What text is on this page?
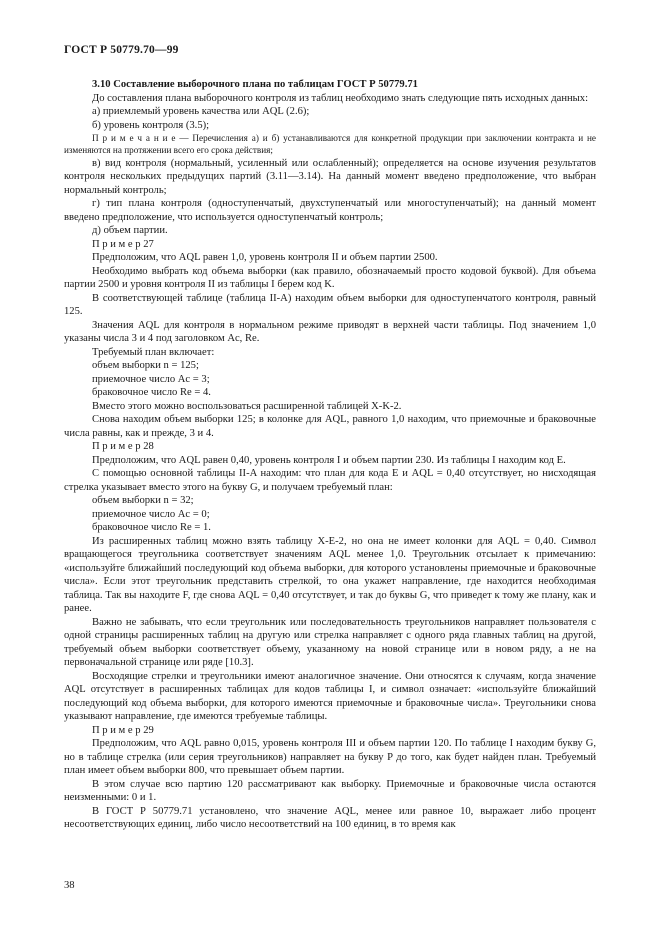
ГОСТ Р 50779.70—99

3.10 Составление выборочного плана по таблицам ГОСТ Р 50779.71

До составления плана выборочного контроля из таблиц необходимо знать следующие пять исходных данных:

а) приемлемый уровень качества или AQL (2.6);

б) уровень контроля (3.5);

П р и м е ч а н и е — Перечисления а) и б) устанавливаются для конкретной продукции при заключении контракта и не изменяются на протяжении всего его срока действия;

в) вид контроля (нормальный, усиленный или ослабленный); определяется на основе изучения результатов контроля нескольких предыдущих партий (3.11—3.14). На данный момент введено предположение, что выбран нормальный контроль;

г) тип плана контроля (одноступенчатый, двухступенчатый или многоступенчатый); на данный момент введено предположение, что используется одноступенчатый контроль;

д) объем партии.

П р и м е р 27

Предположим, что AQL равен 1,0, уровень контроля II и объем партии 2500.

Необходимо выбрать код объема выборки (как правило, обозначаемый просто кодовой буквой). Для объема партии 2500 и уровня контроля II из таблицы I берем код K.

В соответствующей таблице (таблица II-A) находим объем выборки для одноступенчатого контроля, равный 125.

Значения AQL для контроля в нормальном режиме приводят в верхней части таблицы. Под значением 1,0 указаны числа 3 и 4 под заголовком Ac, Re.

Требуемый план включает:

объем выборки n = 125;

приемочное число Ac = 3;

браковочное число Re = 4.

Вместо этого можно воспользоваться расширенной таблицей X-K-2.

Снова находим объем выборки 125; в колонке для AQL, равного 1,0 находим, что приемочные и браковочные числа равны, как и прежде, 3 и 4.

П р и м е р 28

Предположим, что AQL равен 0,40, уровень контроля I и объем партии 230. Из таблицы I находим код E.

С помощью основной таблицы II-A находим: что план для кода E и AQL = 0,40 отсутствует, но нисходящая стрелка указывает вместо этого на букву G, и получаем требуемый план:

объем выборки n = 32;

приемочное число Ac = 0;

браковочное число Re = 1.

Из расширенных таблиц можно взять таблицу X-E-2, но она не имеет колонки для AQL = 0,40. Символ вращающегося треугольника соответствует значениям AQL менее 1,0. Треугольник отсылает к примечанию: «используйте ближайший последующий код объема выборки, для которого установлены приемочные и браковочные числа». Если этот треугольник представить стрелкой, то она укажет направление, где находится необходимая таблица. Так вы находите F, где снова AQL = 0,40 отсутствует, и так до буквы G, что приведет к тому же плану, как и ранее.

Важно не забывать, что если треугольник или последовательность треугольников направляет пользователя с одной страницы расширенных таблиц на другую или стрелка направляет с одного ряда главных таблиц на другой, требуемый объем выборки соответствует объему, указанному на новой странице или в новом ряду, а не на первоначальной странице или ряде [10.3].

Восходящие стрелки и треугольники имеют аналогичное значение. Они относятся к случаям, когда значение AQL отсутствует в расширенных таблицах для кодов таблицы I, и символ означает: «используйте ближайший последующий код объема выборки, для которого имеются приемочные и браковочные числа». Треугольники снова указывают направление, где имеются требуемые таблицы.

П р и м е р 29

Предположим, что AQL равно 0,015, уровень контроля III и объем партии 120. По таблице I находим букву G, но в таблице стрелка (или серия треугольников) направляет на букву P до того, как будет найден план. Требуемый план имеет объем выборки 800, что превышает объем партии.

В этом случае всю партию 120 рассматривают как выборку. Приемочные и браковочные числа остаются неизменными: 0 и 1.

В ГОСТ Р 50779.71 установлено, что значение AQL, менее или равное 10, выражает либо процент несоответствующих единиц, либо число несоответствий на 100 единиц, в то время как

38
